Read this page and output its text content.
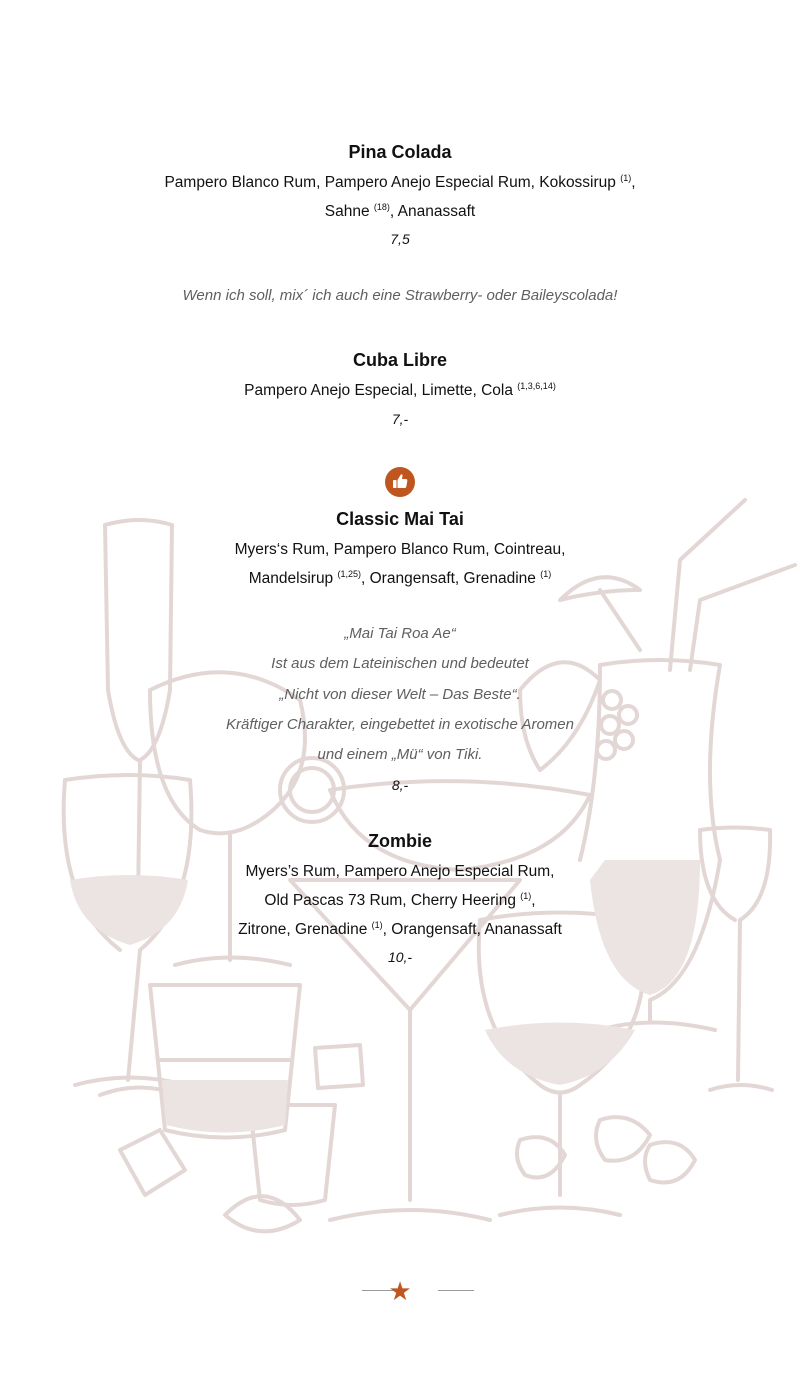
Pina Colada
Pampero Blanco Rum, Pampero Anejo Especial Rum, Kokossirup $^{(1)}$,
Sahne $^{(18)}$, Ananassaft
7,5
Wenn ich soll, mix´ ich auch eine Strawberry- oder Baileyscolada!
Cuba Libre
Pampero Anejo Especial, Limette, Cola $^{(1,3,6,14)}$
7,-
Classic Mai Tai
Myers‘s Rum, Pampero Blanco Rum, Cointreau,
Mandelsirup $^{(1,25)}$, Orangensaft, Grenadine $^{(1)}$
„Mai Tai Roa Ae“
Ist aus dem Lateinischen und bedeutet
„Nicht von dieser Welt – Das Beste“.
Kräftiger Charakter, eingebettet in exotische Aromen
und einem „Mü“ von Tiki.
8,-
Zombie
Myers’s Rum, Pampero Anejo Especial Rum,
Old Pascas 73 Rum, Cherry Heering $^{(1)}$,
Zitrone, Grenadine $^{(1)}$, Orangensaft, Ananassaft
10,-
★
